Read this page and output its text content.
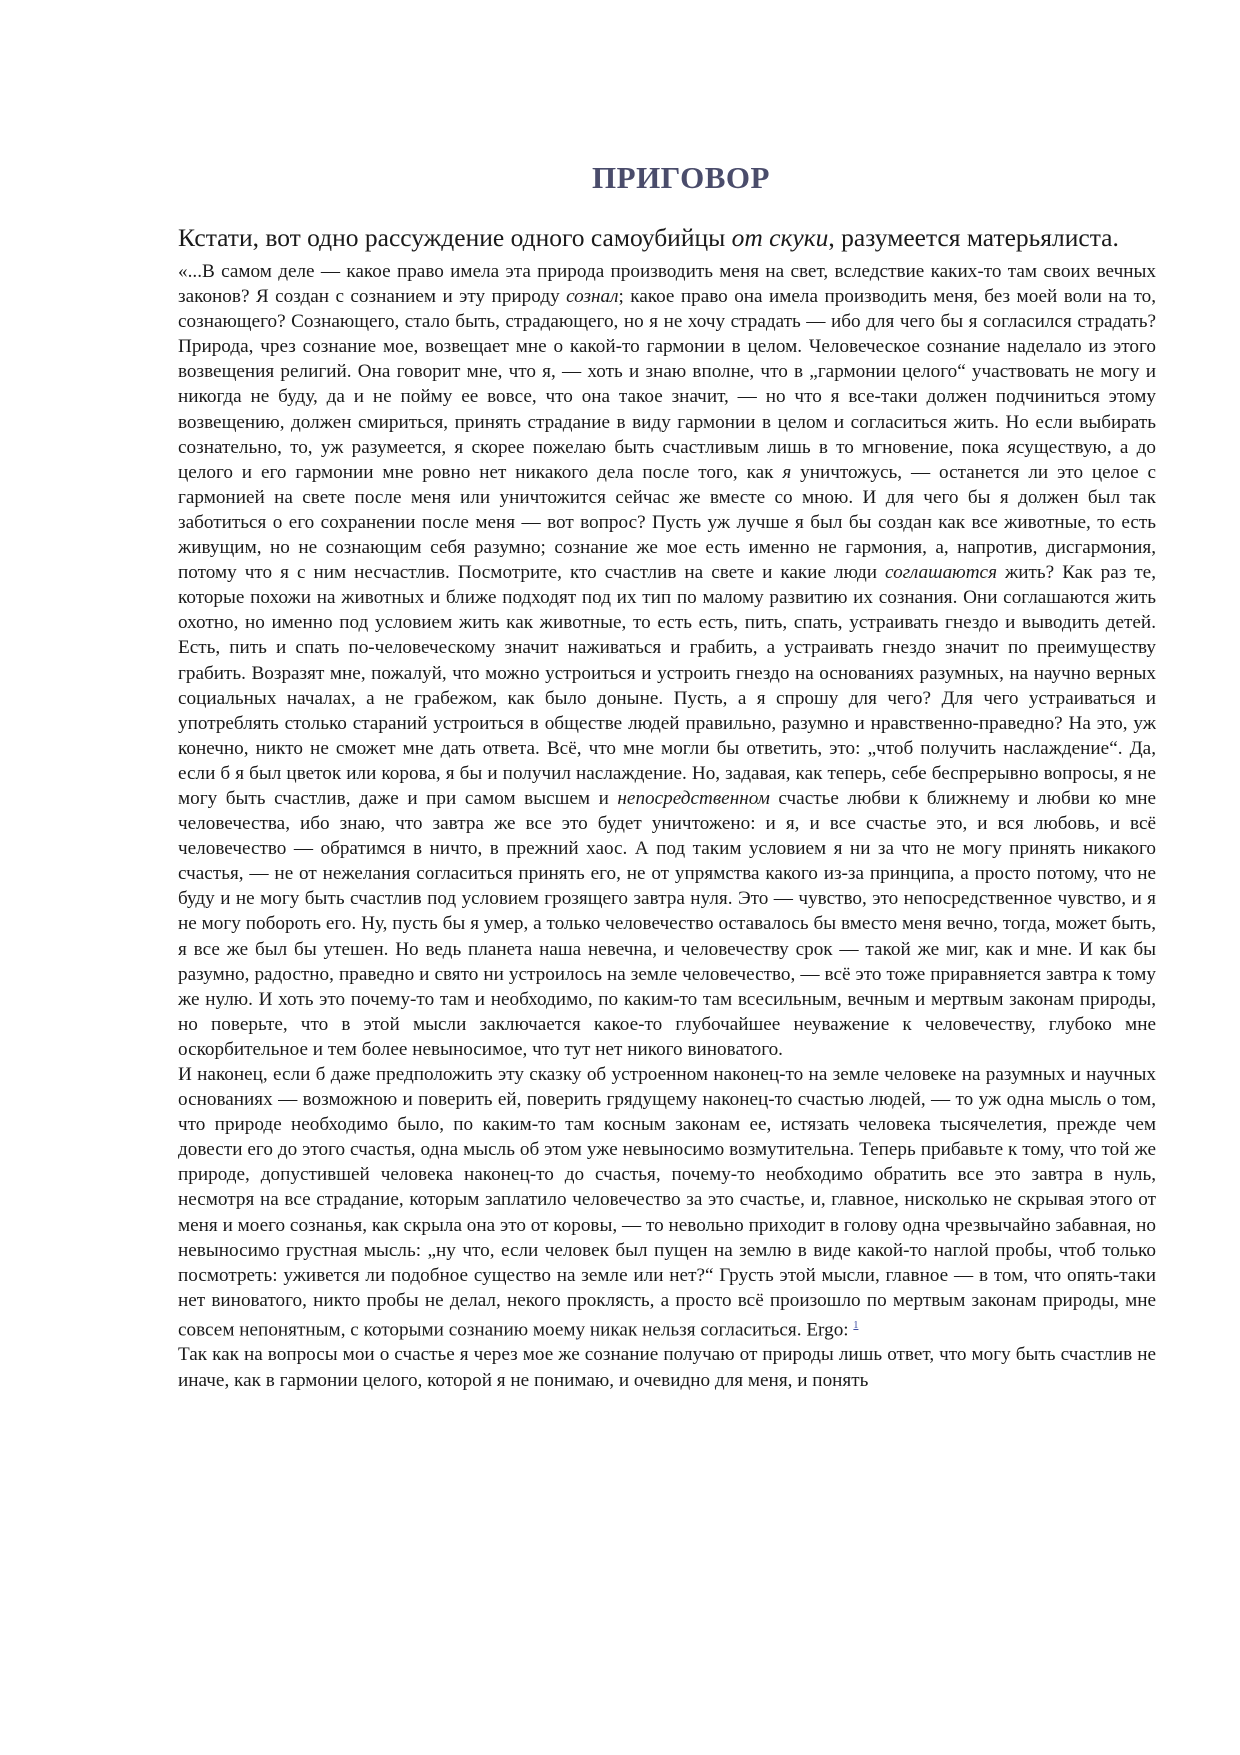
ПРИГОВОР

Кстати, вот одно рассуждение одного самоубийцы от скуки, разумеется матерьялиста.

«...В самом деле — какое право имела эта природа производить меня на свет, вследствие каких-то там своих вечных законов? Я создан с сознанием и эту природу сознал; какое право она имела производить меня, без моей воли на то, сознающего? Сознающего, стало быть, страдающего, но я не хочу страдать — ибо для чего бы я согласился страдать? Природа, чрез сознание мое, возвещает мне о какой-то гармонии в целом. Человеческое сознание наделало из этого возвещения религий. Она говорит мне, что я, — хоть и знаю вполне, что в „гармонии целого“ участвовать не могу и никогда не буду, да и не пойму ее вовсе, что она такое значит, — но что я все-таки должен подчиниться этому возвещению, должен смириться, принять страдание в виду гармонии в целом и согласиться жить. Но если выбирать сознательно, то, уж разумеется, я скорее пожелаю быть счастливым лишь в то мгновение, пока ясуществую, а до целого и его гармонии мне ровно нет никакого дела после того, как я уничтожусь, — останется ли это целое с гармонией на свете после меня или уничтожится сейчас же вместе со мною. И для чего бы я должен был так заботиться о его сохранении после меня — вот вопрос? Пусть уж лучше я был бы создан как все животные, то есть живущим, но не сознающим себя разумно; сознание же мое есть именно не гармония, а, напротив, дисгармония, потому что я с ним несчастлив. Посмотрите, кто счастлив на свете и какие люди соглашаются жить? Как раз те, которые похожи на животных и ближе подходят под их тип по малому развитию их сознания. Они соглашаются жить охотно, но именно под условием жить как животные, то есть есть, пить, спать, устраивать гнездо и выводить детей. Есть, пить и спать по-человеческому значит наживаться и грабить, а устраивать гнездо значит по преимуществу грабить. Возразят мне, пожалуй, что можно устроиться и устроить гнездо на основаниях разумных, на научно верных социальных началах, а не грабежом, как было доныне. Пусть, а я спрошу для чего? Для чего устраиваться и употреблять столько стараний устроиться в обществе людей правильно, разумно и нравственно-праведно? На это, уж конечно, никто не сможет мне дать ответа. Всё, что мне могли бы ответить, это: „чтоб получить наслаждение“. Да, если б я был цветок или корова, я бы и получил наслаждение. Но, задавая, как теперь, себе беспрерывно вопросы, я не могу быть счастлив, даже и при самом высшем и непосредственном счастье любви к ближнему и любви ко мне человечества, ибо знаю, что завтра же все это будет уничтожено: и я, и все счастье это, и вся любовь, и всё человечество — обратимся в ничто, в прежний хаос. А под таким условием я ни за что не могу принять никакого счастья, — не от нежелания согласиться принять его, не от упрямства какого из-за принципа, а просто потому, что не буду и не могу быть счастлив под условием грозящего завтра нуля. Это — чувство, это непосредственное чувство, и я не могу побороть его. Ну, пусть бы я умер, а только человечество оставалось бы вместо меня вечно, тогда, может быть, я все же был бы утешен. Но ведь планета наша невечна, и человечеству срок — такой же миг, как и мне. И как бы разумно, радостно, праведно и свято ни устроилось на земле человечество, — всё это тоже приравняется завтра к тому же нулю. И хоть это почему-то там и необходимо, по каким-то там всесильным, вечным и мертвым законам природы, но поверьте, что в этой мысли заключается какое-то глубочайшее неуважение к человечеству, глубоко мне оскорбительное и тем более невыносимое, что тут нет никого виноватого.

И наконец, если б даже предположить эту сказку об устроенном наконец-то на земле человеке на разумных и научных основаниях — возможною и поверить ей, поверить грядущему наконец-то счастью людей, — то уж одна мысль о том, что природе необходимо было, по каким-то там косным законам ее, истязать человека тысячелетия, прежде чем довести его до этого счастья, одна мысль об этом уже невыносимо возмутительна. Теперь прибавьте к тому, что той же природе, допустившей человека наконец-то до счастья, почему-то необходимо обратить все это завтра в нуль, несмотря на все страдание, которым заплатило человечество за это счастье, и, главное, нисколько не скрывая этого от меня и моего сознанья, как скрыла она это от коровы, — то невольно приходит в голову одна чрезвычайно забавная, но невыносимо грустная мысль: „ну что, если человек был пущен на землю в виде какой-то наглой пробы, чтоб только посмотреть: уживется ли подобное существо на земле или нет?“ Грусть этой мысли, главное — в том, что опять-таки нет виноватого, никто пробы не делал, некого проклясть, а просто всё произошло по мертвым законам природы, мне совсем непонятным, с которыми сознанию моему никак нельзя согласиться. Ergo: $^1$

Так как на вопросы мои о счастье я через мое же сознание получаю от природы лишь ответ, что могу быть счастлив не иначе, как в гармонии целого, которой я не понимаю, и очевидно для меня, и понять
